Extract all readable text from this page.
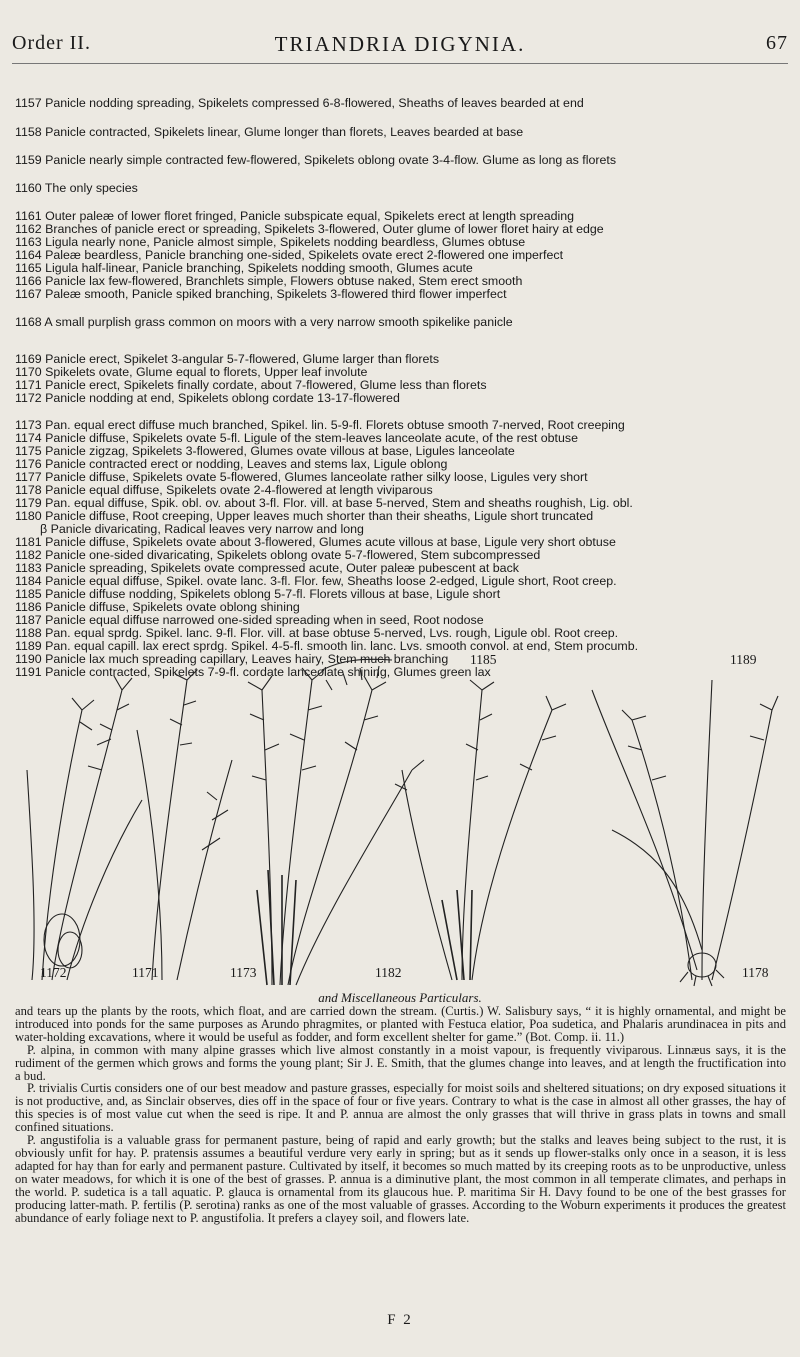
Order II.	TRIANDRIA DIGYNIA.	67
1157 Panicle nodding spreading, Spikelets compressed 6-8-flowered, Sheaths of leaves bearded at end
1158 Panicle contracted, Spikelets linear, Glume longer than florets, Leaves bearded at base
1159 Panicle nearly simple contracted few-flowered, Spikelets oblong ovate 3-4-flow. Glume as long as florets
1160 The only species
1161 Outer paleæ of lower floret fringed, Panicle subspicate equal, Spikelets erect at length spreading
1162 Branches of panicle erect or spreading, Spikelets 3-flowered, Outer glume of lower floret hairy at edge
1163 Ligula nearly none, Panicle almost simple, Spikelets nodding beardless, Glumes obtuse
1164 Paleæ beardless, Panicle branching one-sided, Spikelets ovate erect 2-flowered one imperfect
1165 Ligula half-linear, Panicle branching, Spikelets nodding smooth, Glumes acute
1166 Panicle lax few-flowered, Branchlets simple, Flowers obtuse naked, Stem erect smooth
1167 Paleæ smooth, Panicle spiked branching, Spikelets 3-flowered third flower imperfect
1168 A small purplish grass common on moors with a very narrow smooth spikelike panicle
1169 Panicle erect, Spikelet 3-angular 5-7-flowered, Glume larger than florets
1170 Spikelets ovate, Glume equal to florets, Upper leaf involute
1171 Panicle erect, Spikelets finally cordate, about 7-flowered, Glume less than florets
1172 Panicle nodding at end, Spikelets oblong cordate 13-17-flowered
1173 Pan. equal erect diffuse much branched, Spikel. lin. 5-9-fl. Florets obtuse smooth 7-nerved, Root creeping
1174 Panicle diffuse, Spikelets ovate 5-fl. Ligule of the stem-leaves lanceolate acute, of the rest obtuse
1175 Panicle zigzag, Spikelets 3-flowered, Glumes ovate villous at base, Ligules lanceolate
1176 Panicle contracted erect or nodding, Leaves and stems lax, Ligule oblong
1177 Panicle diffuse, Spikelets ovate 5-flowered, Glumes lanceolate rather silky loose, Ligules very short
1178 Panicle equal diffuse, Spikelets ovate 2-4-flowered at length viviparous
1179 Pan. equal diffuse, Spik. obl. ov. about 3-fl. Flor. vill. at base 5-nerved, Stem and sheaths roughish, Lig. obl.
1180 Panicle diffuse, Root creeping, Upper leaves much shorter than their sheaths, Ligule short truncated
β Panicle divaricating, Radical leaves very narrow and long
1181 Panicle diffuse, Spikelets ovate about 3-flowered, Glumes acute villous at base, Ligule very short obtuse
1182 Panicle one-sided divaricating, Spikelets oblong ovate 5-7-flowered, Stem subcompressed
1183 Panicle spreading, Spikelets ovate compressed acute, Outer paleæ pubescent at back
1184 Panicle equal diffuse, Spikel. ovate lanc. 3-fl. Flor. few, Sheaths loose 2-edged, Ligule short, Root creep.
1185 Panicle diffuse nodding, Spikelets oblong 5-7-fl. Florets villous at base, Ligule short
1186 Panicle diffuse, Spikelets ovate oblong shining
1187 Panicle equal diffuse narrowed one-sided spreading when in seed, Root nodose
1188 Pan. equal sprdg. Spikel. lanc. 9-fl. Flor. vill. at base obtuse 5-nerved, Lvs. rough, Ligule obl. Root creep.
1189 Pan. equal capill. lax erect sprdg. Spikel. 4-5-fl. smooth lin. lanc. Lvs. smooth convol. at end, Stem procumb.
1190 Panicle lax much spreading capillary, Leaves hairy, Stem much branching
1191 Panicle contracted, Spikelets 7-9-fl. cordate lanceolate shining, Glumes green lax
1185	1189
1172	1171	1173	1182	1178
and Miscellaneous Particulars.

and tears up the plants by the roots, which float, and are carried down the stream. (Curtis.) W. Salisbury says, “ it is highly ornamental, and might be introduced into ponds for the same purposes as Arundo phragmites, or planted with Festuca elatior, Poa sudetica, and Phalaris arundinacea in pits and water-holding excavations, where it would be useful as fodder, and form excellent shelter for game.” (Bot. Comp. ii. 11.)

P. alpina, in common with many alpine grasses which live almost constantly in a moist vapour, is frequently viviparous. Linnæus says, it is the rudiment of the germen which grows and forms the young plant; Sir J. E. Smith, that the glumes change into leaves, and at length the fructification into a bud.

P. trivialis Curtis considers one of our best meadow and pasture grasses, especially for moist soils and sheltered situations; on dry exposed situations it is not productive, and, as Sinclair observes, dies off in the space of four or five years. Contrary to what is the case in almost all other grasses, the hay of this species is of most value cut when the seed is ripe. It and P. annua are almost the only grasses that will thrive in grass plats in towns and small confined situations.

P. angustifolia is a valuable grass for permanent pasture, being of rapid and early growth; but the stalks and leaves being subject to the rust, it is obviously unfit for hay. P. pratensis assumes a beautiful verdure very early in spring; but as it sends up flower-stalks only once in a season, it is less adapted for hay than for early and permanent pasture. Cultivated by itself, it becomes so much matted by its creeping roots as to be unproductive, unless on water meadows, for which it is one of the best of grasses. P. annua is a diminutive plant, the most common in all temperate climates, and perhaps in the world. P. sudetica is a tall aquatic. P. glauca is ornamental from its glaucous hue. P. maritima Sir H. Davy found to be one of the best grasses for producing latter-math. P. fertilis (P. serotina) ranks as one of the most valuable of grasses. According to the Woburn experiments it produces the greatest abundance of early foliage next to P. angustifolia. It prefers a clayey soil, and flowers late.

F 2
